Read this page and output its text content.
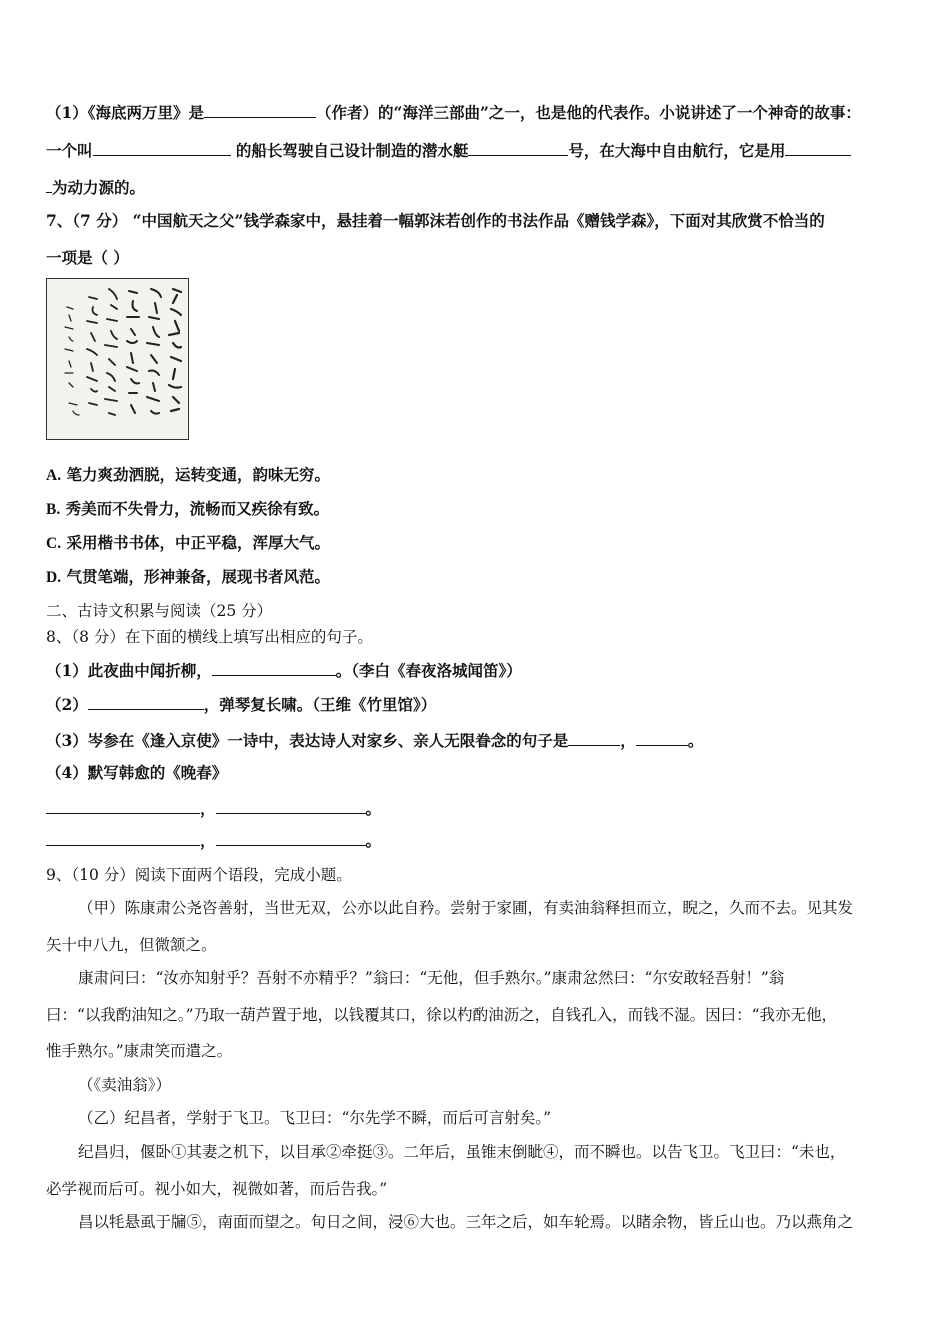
（1）《海底两万里》是	（作者）的“海洋三部曲”之一，也是他的代表作。小说讲述了一个神奇的故事：
一个叫	的船长驾驶自己设计制造的潜水艇	号，在大海中自由航行，它是用
为动力源的。
7、（7 分） “中国航天之父”钱学森家中，悬挂着一幅郭沫若创作的书法作品《赠钱学森》，下面对其欣赏不恰当的
一项是（ ）
A. 笔力爽劲洒脱，运转变通，韵味无穷。
B. 秀美而不失骨力，流畅而又疾徐有致。
C. 采用楷书书体，中正平稳，浑厚大气。
D. 气贯笔端，形神兼备，展现书者风范。
二、古诗文积累与阅读（25 分）
8、（8 分）在下面的横线上填写出相应的句子。
（1）此夜曲中闻折柳，	。（李白《春夜洛城闻笛》）
（2）	，弹琴复长啸。（王维《竹里馆》）
（3）岑参在《逢入京使》一诗中，表达诗人对家乡、亲人无限眷念的句子是	，	。
（4）默写韩愈的《晚春》
，	。
，	。
9、（10 分）阅读下面两个语段，完成小题。
（甲）陈康肃公尧咨善射，当世无双，公亦以此自矜。尝射于家圃，有卖油翁释担而立，睨之，久而不去。见其发
矢十中八九，但微颔之。
康肃问曰：“汝亦知射乎？吾射不亦精乎？”翁曰：“无他，但手熟尔。”康肃忿然曰：“尔安敢轻吾射！”翁
曰：“以我酌油知之。”乃取一葫芦置于地，以钱覆其口，徐以杓酌油沥之，自钱孔入，而钱不湿。因曰：“我亦无他，
惟手熟尔。”康肃笑而遣之。
（《卖油翁》）
（乙）纪昌者，学射于飞卫。飞卫曰：“尔先学不瞬，而后可言射矣。”
纪昌归，偃卧①其妻之机下，以目承②牵挺③。二年后，虽锥末倒眦④，而不瞬也。以告飞卫。飞卫曰：“未也，
必学视而后可。视小如大，视微如著，而后告我。”
昌以牦悬虱于牖⑤，南面而望之。旬日之间，浸⑥大也。三年之后，如车轮焉。以睹余物，皆丘山也。乃以燕角之
